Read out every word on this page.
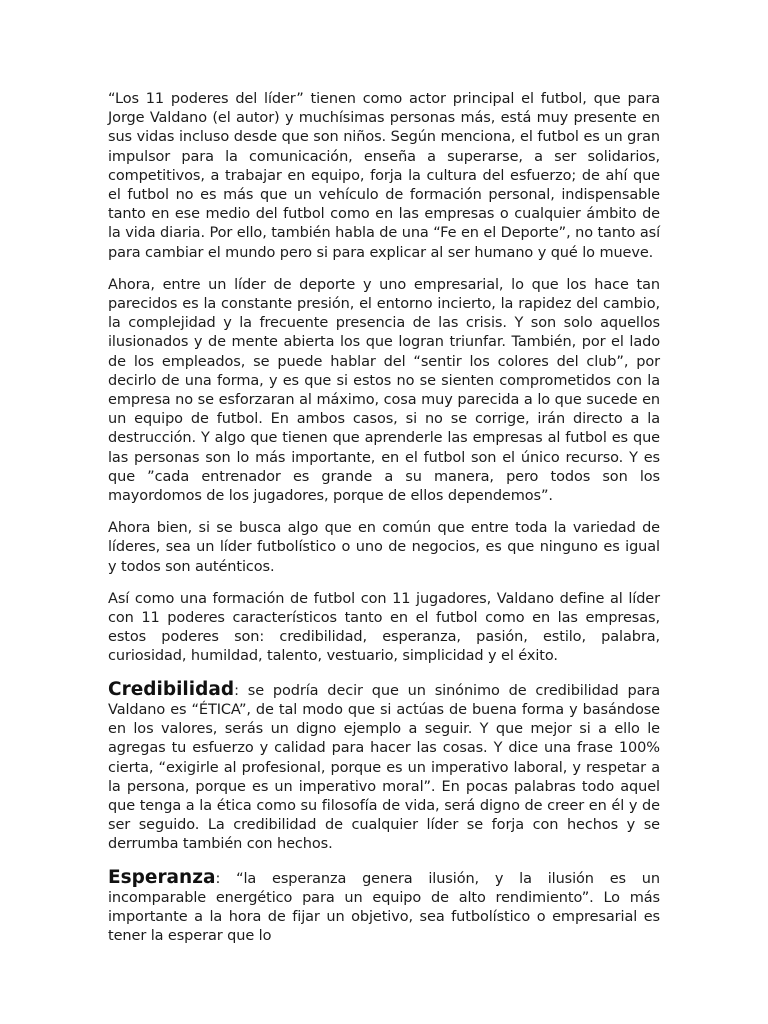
“Los 11 poderes del líder” tienen como actor principal el futbol, que para Jorge Valdano (el autor) y muchísimas personas más, está muy presente en sus vidas incluso desde que son niños. Según menciona, el futbol es un gran impulsor para la comunicación, enseña a superarse, a ser solidarios, competitivos, a trabajar en equipo, forja la cultura del esfuerzo; de ahí que el futbol no es más que un vehículo de formación personal, indispensable tanto en ese medio del futbol como en las empresas o cualquier ámbito de la vida diaria. Por ello, también habla de una “Fe en el Deporte”, no tanto así para cambiar el mundo pero si para explicar al ser humano y qué lo mueve.

Ahora, entre un líder de deporte y uno empresarial, lo que los hace tan parecidos es la constante presión, el entorno incierto, la rapidez del cambio, la complejidad y la frecuente presencia de las crisis. Y son solo aquellos ilusionados y de mente abierta los que logran triunfar. También, por el lado de los empleados, se puede hablar del “sentir los colores del club”, por decirlo de una forma, y es que si estos no se sienten comprometidos con la empresa no se esforzaran al máximo, cosa muy parecida a lo que sucede en un equipo de futbol. En ambos casos, si no se corrige, irán directo a la destrucción. Y algo que tienen que aprenderle las empresas al futbol es que las personas son lo más importante, en el futbol son el único recurso. Y es que ”cada entrenador es grande a su manera, pero todos son los mayordomos de los jugadores, porque de ellos dependemos”.

Ahora bien, si se busca algo que en común que entre toda la variedad de líderes, sea un líder futbolístico o uno de negocios, es que ninguno es igual y todos son auténticos.

Así como una formación de futbol con 11 jugadores, Valdano define al líder con 11 poderes característicos tanto en el futbol como en las empresas, estos poderes son: credibilidad, esperanza, pasión, estilo, palabra, curiosidad, humildad, talento, vestuario, simplicidad y el éxito.

Credibilidad: se podría decir que un sinónimo de credibilidad para Valdano es “ÉTICA”, de tal modo que si actúas de buena forma y basándose en los valores, serás un digno ejemplo a seguir. Y que mejor si a ello le agregas tu esfuerzo y calidad para hacer las cosas. Y dice una frase 100% cierta, “exigirle al profesional, porque es un imperativo laboral, y respetar a la persona, porque es un imperativo moral”. En pocas palabras todo aquel que tenga a la ética como su filosofía de vida, será digno de creer en él y de ser seguido. La credibilidad de cualquier líder se forja con hechos y se derrumba también con hechos.

Esperanza: “la esperanza genera ilusión, y la ilusión es un incomparable energético para un equipo de alto rendimiento”. Lo más importante a la hora de fijar un objetivo, sea futbolístico o empresarial es tener la esperar que lo
